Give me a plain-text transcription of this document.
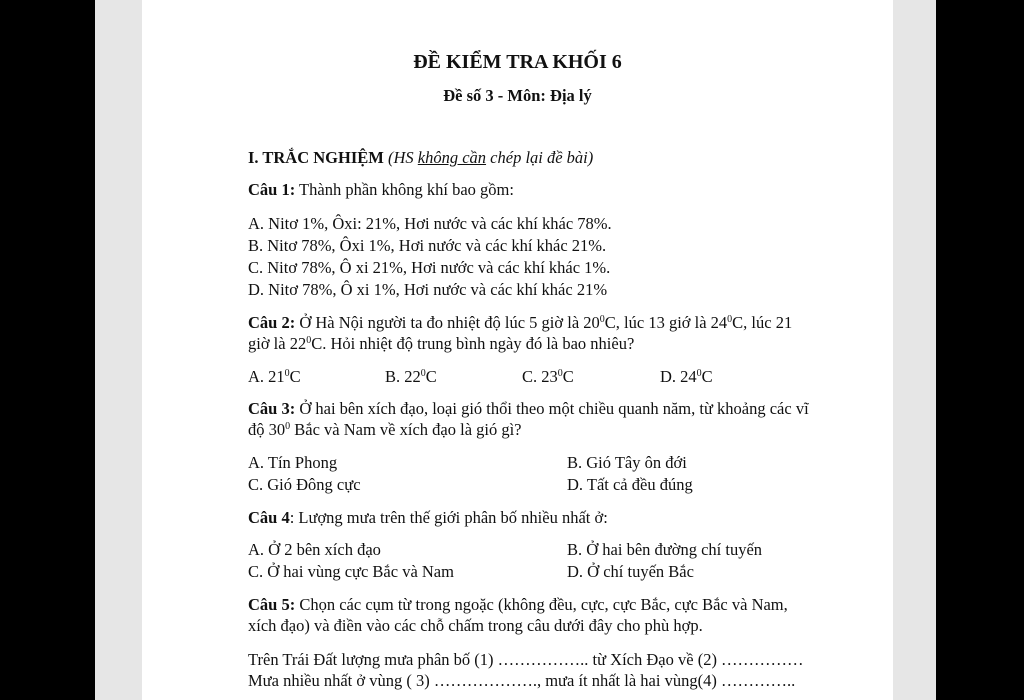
ĐỀ KIỂM TRA KHỐI 6
Đề số 3 - Môn: Địa lý
I. TRẮC NGHIỆM (HS không cần chép lại đề bài)
Câu 1: Thành phần không khí bao gồm:
A. Nitơ 1%, Ôxi: 21%, Hơi nước và các khí khác 78%.
B. Nitơ 78%, Ôxi 1%, Hơi nước và các khí khác 21%.
C. Nitơ 78%, Ô xi 21%, Hơi nước và các khí khác 1%.
D. Nitơ 78%, Ô xi 1%, Hơi nước và các khí khác 21%
Câu 2: Ở Hà Nội người ta đo nhiệt độ lúc 5 giờ là $20^0C$, lúc 13 giớ là $24^0C$, lúc 21
giờ là $22^0C$. Hỏi nhiệt độ trung bình ngày đó là bao nhiêu?
A. $21^0C$	B. $22^0C$	C. $23^0C$	D. $24^0C$
Câu 3: Ở hai bên xích đạo, loại gió thổi theo một chiều quanh năm, từ khoảng các vĩ
độ $30^0$ Bắc và Nam về xích đạo là gió gì?
A. Tín Phong	B. Gió Tây ôn đới
C. Gió Đông cực	D. Tất cả đều đúng
Câu 4: Lượng mưa trên thế giới phân bố nhiều nhất ở:
A. Ở 2 bên xích đạo	B. Ở hai bên đường chí tuyến
C. Ở hai vùng cực Bắc và Nam	D. Ở chí tuyến Bắc
Câu 5: Chọn các cụm từ trong ngoặc (không đều, cực, cực Bắc, cực Bắc và Nam,
xích đạo) và điền vào các chỗ chấm trong câu dưới đây cho phù hợp.
Trên Trái Đất lượng mưa phân bố (1) …………….. từ Xích Đạo về (2) ……………
Mưa nhiều nhất ở vùng ( 3) ………………., mưa ít nhất là hai vùng(4) …………..
